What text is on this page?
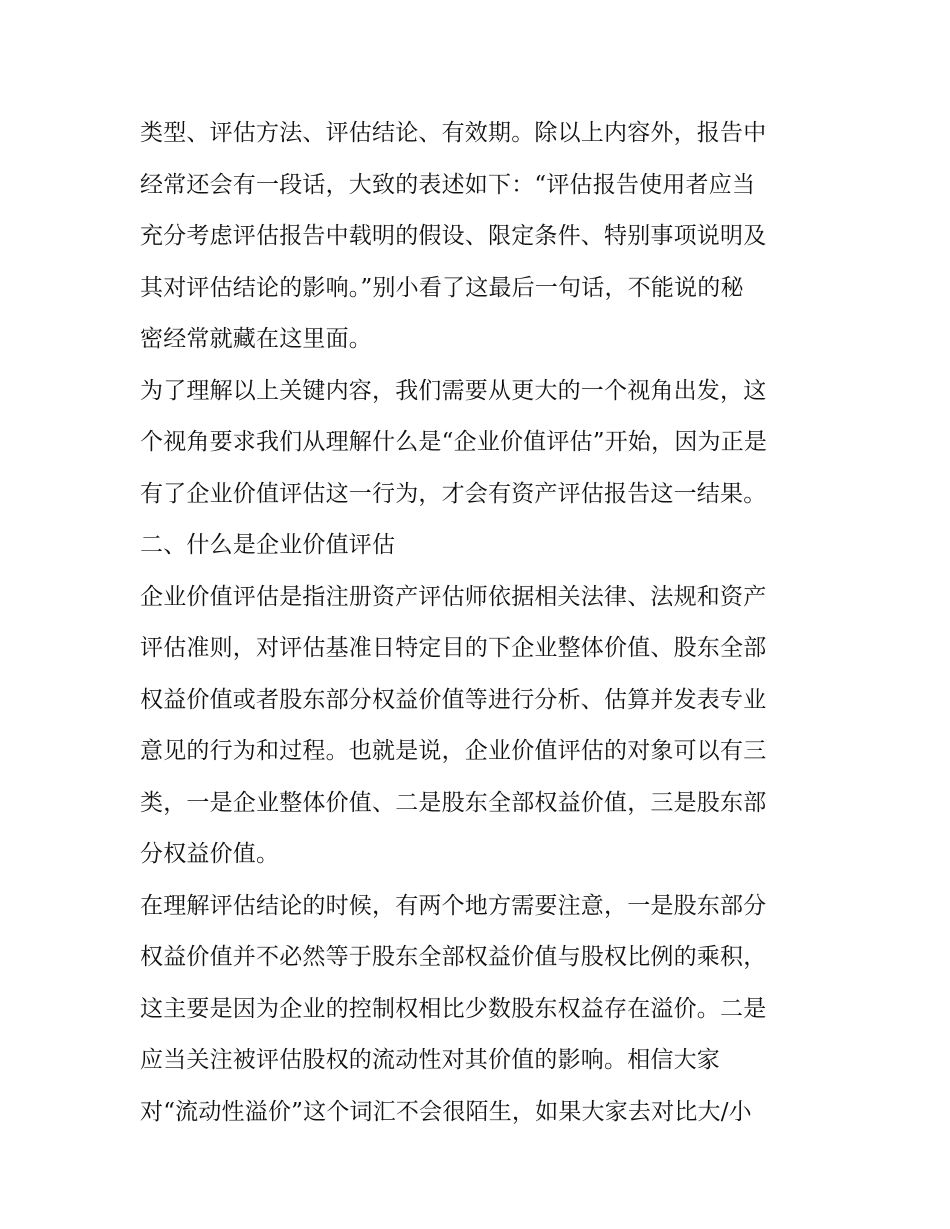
类型、评估方法、评估结论、有效期。除以上内容外，报告中
经常还会有一段话，大致的表述如下：“评估报告使用者应当
充分考虑评估报告中载明的假设、限定条件、特别事项说明及
其对评估结论的影响。”别小看了这最后一句话，不能说的秘
密经常就藏在这里面。
为了理解以上关键内容，我们需要从更大的一个视角出发，这
个视角要求我们从理解什么是“企业价值评估”开始，因为正是
有了企业价值评估这一行为，才会有资产评估报告这一结果。
二、什么是企业价值评估
企业价值评估是指注册资产评估师依据相关法律、法规和资产
评估准则，对评估基准日特定目的下企业整体价值、股东全部
权益价值或者股东部分权益价值等进行分析、估算并发表专业
意见的行为和过程。也就是说，企业价值评估的对象可以有三
类，一是企业整体价值、二是股东全部权益价值，三是股东部
分权益价值。
在理解评估结论的时候，有两个地方需要注意，一是股东部分
权益价值并不必然等于股东全部权益价值与股权比例的乘积，
这主要是因为企业的控制权相比少数股东权益存在溢价。二是
应当关注被评估股权的流动性对其价值的影响。相信大家
对“流动性溢价”这个词汇不会很陌生，如果大家去对比大/小
